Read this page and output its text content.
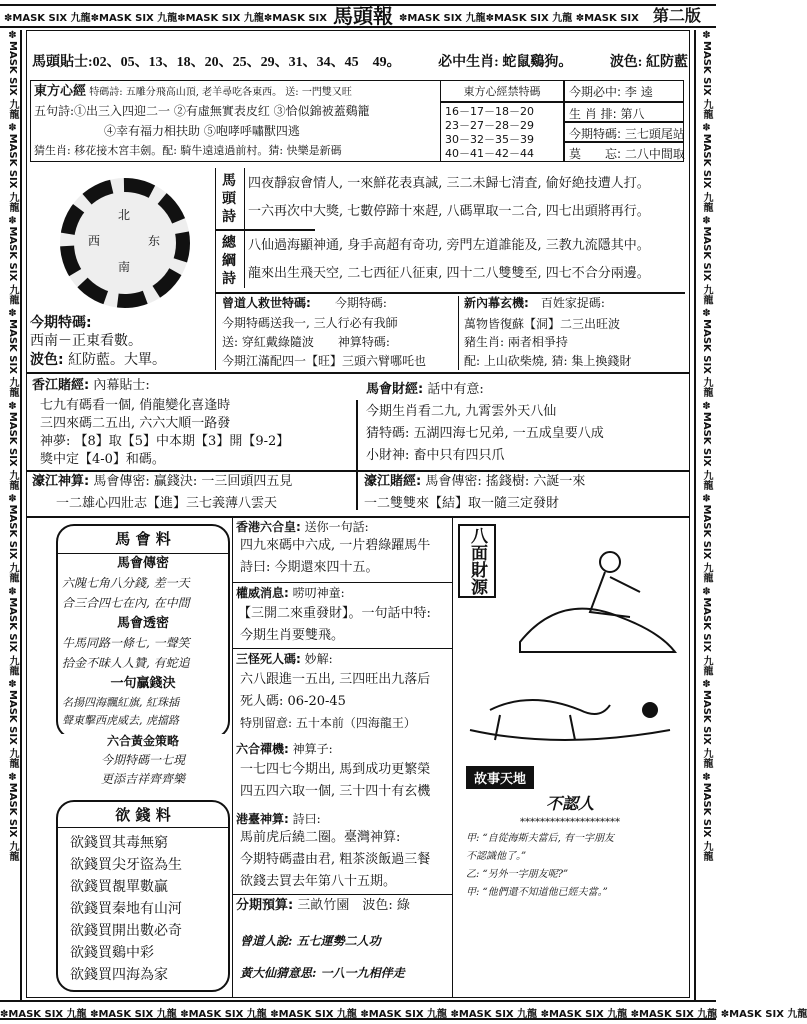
✽MASK SIX 九龍✽MASK SIX 九龍✽MASK SIX 九龍✽MASK SIX 馬頭報 ✽MASK SIX 九龍✽MASK SIX 九龍 ✽MASK SIX 第二版
✽MASK SIX 九龍 ✽MASK SIX 九龍 ✽MASK SIX 九龍 ✽MASK SIX 九龍 ✽MASK SIX 九龍 ✽MASK SIX 九龍 ✽MASK SIX 九龍 ✽MASK SIX 九龍 ✽MASK SIX 九龍
✽MASK SIX 九龍 ✽MASK SIX 九龍 ✽MASK SIX 九龍 ✽MASK SIX 九龍 ✽MASK SIX 九龍 ✽MASK SIX 九龍 ✽MASK SIX 九龍 ✽MASK SIX 九龍 ✽MASK SIX 九龍	✽MASK SIX 九龍 ✽MASK SIX 九龍 ✽MASK SIX 九龍 ✽MASK SIX 九龍 ✽MASK SIX 九龍 ✽MASK SIX 九龍 ✽MASK SIX 九龍 ✽MASK SIX 九龍 ✽MASK SIX 九龍
馬頭貼士:02、05、13、18、20、25、29、31、34、45　49。	必中生肖: 蛇鼠鷄狗。	波色: 紅防藍
東方心經 特碼詩: 五雕分飛高山頂, 老羊尋吃各東西。 送: 一門雙又旺
五句詩:①出三入四迎二一 ②有虛無實表皮红 ③恰似錦被蓋鷄籠
④幸有福力相扶助 ⑤咆哮呼嘯獸四逃
猜生肖: 移花接木宮丰劍。配: 騎牛遠遠過前村。猜: 快樂是新碼
東方心經禁特碼
16－17－18－20
23－27－28－29
30－32－35－39
40－41－42－44
今期必中: 李 逵
生 肖 排: 第八
今期特碼: 三七頭尾站
莫　　忘: 二八中間取
北
西	东
南
今期特碼:
西南－正東看數。
波色: 紅防藍。大單。
馬頭詩
四夜靜寂會情人, 一來鮮花表真誠, 三二未歸七清査, 偷好絶技遭人打。
一六再次中大獎, 七數停蹄十來趕, 八碼單取一二合, 四七出頭將再行。
總綱詩
八仙過海顯神通, 身手高超有奇功, 旁門左道誰能及, 三教九流隱其中。
龍來出生飛天空, 二七西征八征東, 四十二八雙雙至, 四七不合分兩邊。
曾道人救世特碼:　　 今期特碼:
今期特碼送我一, 三人行必有我師
送: 穿紅戴綠隨波　　 神算特碼:
今期江滿配四一【旺】三頭六臂哪吒也
新內幕玄機:　 百姓家捉碼:
萬物皆復蘇【洞】二三出旺波
豬生肖: 兩者相爭持
配: 上山砍柴燒, 猜: 集上換錢財
香江賭經: 內幕貼士:
七九有碼看一個, 俏龍變化喜逢時
三四來碼二五出, 六六大順一路發
神夢: 【8】取【5】中本期【3】開【9-2】
獎中定【4-0】和碼。
馬會財經: 話中有意:
今期生肖看二九, 九霄雲外天八仙
猜特碼: 五湖四海七兄弟, 一五成皇要八成
小財神: 畜中只有四只爪
濠江神算: 馬會傳密: 贏錢決: 一三回頭四五見
一二雄心四壯志【進】三七義薄八雲天
濠江賭經: 馬會傳密: 搖錢樹: 六誕一來
一二雙雙來【結】取一隨三定發財
馬 會 料
馬會傳密
六隗七角八分錢, 差一天
合三合四七在內, 在中間
馬會透密
牛馬同路一條七, 一聲笑
拾金不昧人人贊, 有蛇追
一句贏錢決
名揚四海飄紅旗, 紅珠插
聲東擊西虎威去, 虎擋路
六合黃金策略
今期特碼一七現
更添吉祥齊齊樂
欲 錢 料
欲錢買其毒無窮
欲錢買尖牙盜為生
欲錢買覩單數贏
欲錢買秦地有山河
欲錢買開出數必奇
欲錢買鷄中彩
欲錢買四海為家
香港六合皇: 送你一句話:
四九來碼中六成, 一片碧綠躍馬牛
詩曰: 今期還來四十五。
權威消息: 唠叨神童:
【三開二來重發財】。一句話中特:
今期生肖要雙飛。
三怪死人碼: 妙解:
六八跟進一五出, 三四旺出九落后
死人碼: 06-20-45
特別留意: 五十本前（四海龍王）
六合禪機: 神算子:
一七四七今期出, 馬到成功更繁榮
四五四六取一個, 三十四十有玄機
港臺神算: 詩曰:
馬前虎后繞二圈。臺灣神算:
今期特碼盡由君, 粗茶淡飯過三餐
欲錢去買去年第八十五期。
分期預算: 三畝竹園　波色: 綠
曾道人說: 五七運勢二人功
黃大仙猜意思: 一八一九相伴走
八面財源
故事天地
不認人
********************
甲: “自從海斯夫當后, 有一字朋友
不認識他了。”
乙: “另外一字朋友呢?”
甲: “他們還不知道他已經夫當。”
